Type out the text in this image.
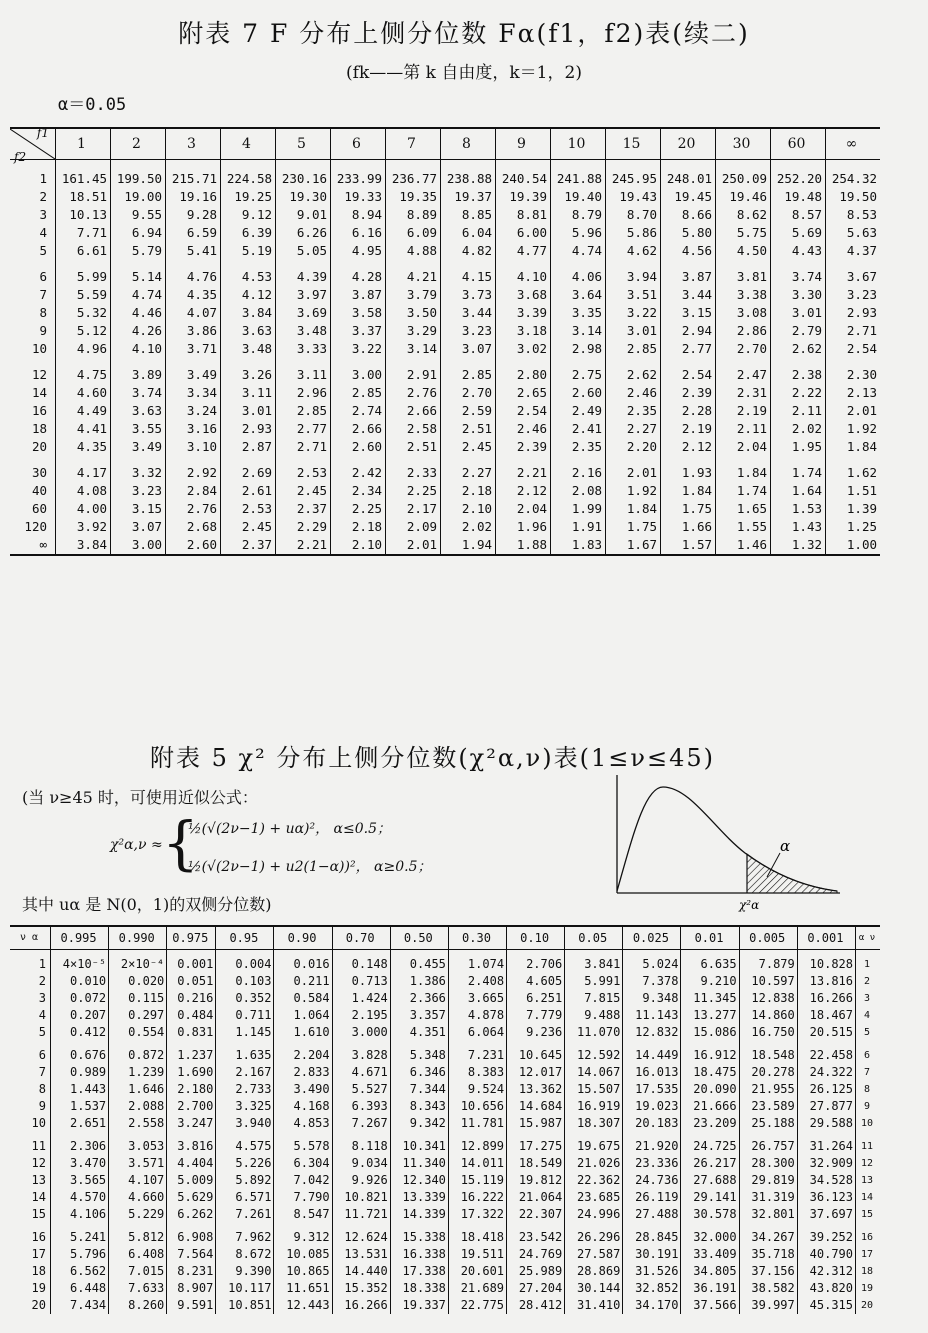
附表 7 F 分布上侧分位数 Fα(f1，f2)表(续二)
(fk——第 k 自由度，k＝1，2)
α＝0.05
f1
f2	1	2	3	4	5	6	7	8	9	10	15	20	30	60	∞
1	161.45	199.50	215.71	224.58	230.16	233.99	236.77	238.88	240.54	241.88	245.95	248.01	250.09	252.20	254.32
2	18.51	19.00	19.16	19.25	19.30	19.33	19.35	19.37	19.39	19.40	19.43	19.45	19.46	19.48	19.50
3	10.13	9.55	9.28	9.12	9.01	8.94	8.89	8.85	8.81	8.79	8.70	8.66	8.62	8.57	8.53
4	7.71	6.94	6.59	6.39	6.26	6.16	6.09	6.04	6.00	5.96	5.86	5.80	5.75	5.69	5.63
5	6.61	5.79	5.41	5.19	5.05	4.95	4.88	4.82	4.77	4.74	4.62	4.56	4.50	4.43	4.37

6	5.99	5.14	4.76	4.53	4.39	4.28	4.21	4.15	4.10	4.06	3.94	3.87	3.81	3.74	3.67
7	5.59	4.74	4.35	4.12	3.97	3.87	3.79	3.73	3.68	3.64	3.51	3.44	3.38	3.30	3.23
8	5.32	4.46	4.07	3.84	3.69	3.58	3.50	3.44	3.39	3.35	3.22	3.15	3.08	3.01	2.93
9	5.12	4.26	3.86	3.63	3.48	3.37	3.29	3.23	3.18	3.14	3.01	2.94	2.86	2.79	2.71
10	4.96	4.10	3.71	3.48	3.33	3.22	3.14	3.07	3.02	2.98	2.85	2.77	2.70	2.62	2.54

12	4.75	3.89	3.49	3.26	3.11	3.00	2.91	2.85	2.80	2.75	2.62	2.54	2.47	2.38	2.30
14	4.60	3.74	3.34	3.11	2.96	2.85	2.76	2.70	2.65	2.60	2.46	2.39	2.31	2.22	2.13
16	4.49	3.63	3.24	3.01	2.85	2.74	2.66	2.59	2.54	2.49	2.35	2.28	2.19	2.11	2.01
18	4.41	3.55	3.16	2.93	2.77	2.66	2.58	2.51	2.46	2.41	2.27	2.19	2.11	2.02	1.92
20	4.35	3.49	3.10	2.87	2.71	2.60	2.51	2.45	2.39	2.35	2.20	2.12	2.04	1.95	1.84

30	4.17	3.32	2.92	2.69	2.53	2.42	2.33	2.27	2.21	2.16	2.01	1.93	1.84	1.74	1.62
40	4.08	3.23	2.84	2.61	2.45	2.34	2.25	2.18	2.12	2.08	1.92	1.84	1.74	1.64	1.51
60	4.00	3.15	2.76	2.53	2.37	2.25	2.17	2.10	2.04	1.99	1.84	1.75	1.65	1.53	1.39
120	3.92	3.07	2.68	2.45	2.29	2.18	2.09	2.02	1.96	1.91	1.75	1.66	1.55	1.43	1.25
∞	3.84	3.00	2.60	2.37	2.21	2.10	2.01	1.94	1.88	1.83	1.67	1.57	1.46	1.32	1.00
附表 5 χ² 分布上侧分位数(χ²α,ν)表(1≤ν≤45)
(当 ν≥45 时，可使用近似公式：
χ²α,ν ≈ {
½(√(2ν−1) + uα)²， α≤0.5；
½(√(2ν−1) + u2(1−α))²， α≥0.5；
其中 uα 是 N(0，1)的双侧分位数)
α
χ²α
ν α	0.995	0.990	0.975	0.95	0.90	0.70	0.50	0.30	0.10	0.05	0.025	0.01	0.005	0.001	α ν
1	4×10⁻⁵	2×10⁻⁴	0.001	0.004	0.016	0.148	0.455	1.074	2.706	3.841	5.024	6.635	7.879	10.828	1
2	0.010	0.020	0.051	0.103	0.211	0.713	1.386	2.408	4.605	5.991	7.378	9.210	10.597	13.816	2
3	0.072	0.115	0.216	0.352	0.584	1.424	2.366	3.665	6.251	7.815	9.348	11.345	12.838	16.266	3
4	0.207	0.297	0.484	0.711	1.064	2.195	3.357	4.878	7.779	9.488	11.143	13.277	14.860	18.467	4
5	0.412	0.554	0.831	1.145	1.610	3.000	4.351	6.064	9.236	11.070	12.832	15.086	16.750	20.515	5

6	0.676	0.872	1.237	1.635	2.204	3.828	5.348	7.231	10.645	12.592	14.449	16.912	18.548	22.458	6
7	0.989	1.239	1.690	2.167	2.833	4.671	6.346	8.383	12.017	14.067	16.013	18.475	20.278	24.322	7
8	1.443	1.646	2.180	2.733	3.490	5.527	7.344	9.524	13.362	15.507	17.535	20.090	21.955	26.125	8
9	1.537	2.088	2.700	3.325	4.168	6.393	8.343	10.656	14.684	16.919	19.023	21.666	23.589	27.877	9
10	2.651	2.558	3.247	3.940	4.853	7.267	9.342	11.781	15.987	18.307	20.183	23.209	25.188	29.588	10

11	2.306	3.053	3.816	4.575	5.578	8.118	10.341	12.899	17.275	19.675	21.920	24.725	26.757	31.264	11
12	3.470	3.571	4.404	5.226	6.304	9.034	11.340	14.011	18.549	21.026	23.336	26.217	28.300	32.909	12
13	3.565	4.107	5.009	5.892	7.042	9.926	12.340	15.119	19.812	22.362	24.736	27.688	29.819	34.528	13
14	4.570	4.660	5.629	6.571	7.790	10.821	13.339	16.222	21.064	23.685	26.119	29.141	31.319	36.123	14
15	4.106	5.229	6.262	7.261	8.547	11.721	14.339	17.322	22.307	24.996	27.488	30.578	32.801	37.697	15

16	5.241	5.812	6.908	7.962	9.312	12.624	15.338	18.418	23.542	26.296	28.845	32.000	34.267	39.252	16
17	5.796	6.408	7.564	8.672	10.085	13.531	16.338	19.511	24.769	27.587	30.191	33.409	35.718	40.790	17
18	6.562	7.015	8.231	9.390	10.865	14.440	17.338	20.601	25.989	28.869	31.526	34.805	37.156	42.312	18
19	6.448	7.633	8.907	10.117	11.651	15.352	18.338	21.689	27.204	30.144	32.852	36.191	38.582	43.820	19
20	7.434	8.260	9.591	10.851	12.443	16.266	19.337	22.775	28.412	31.410	34.170	37.566	39.997	45.315	20
